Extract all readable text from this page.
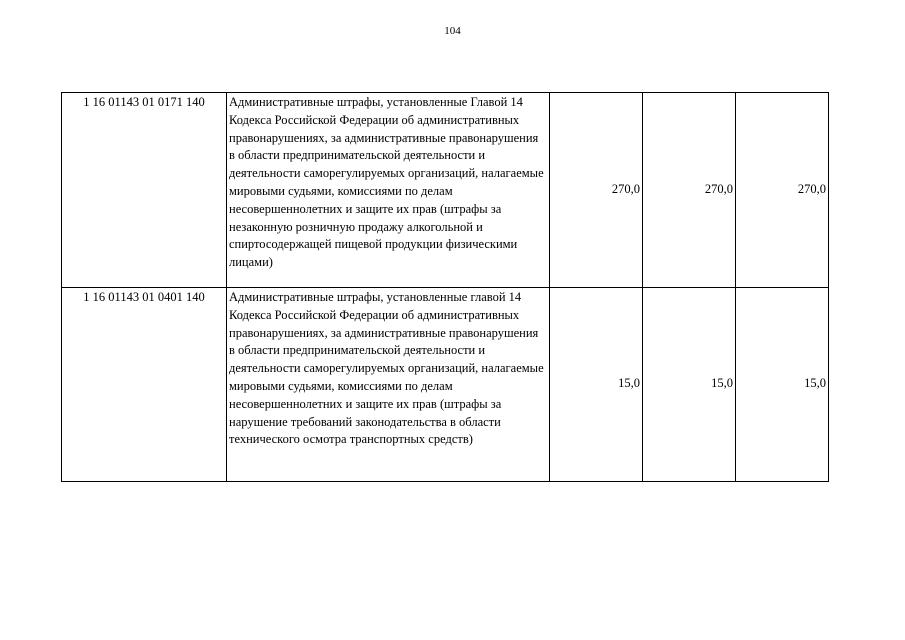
104
1 16 01143 01 0171 140	Административные штрафы, установленные Главой 14 Кодекса Российской Федерации об административных правонарушениях, за административные правонарушения в области предпринимательской деятельности и деятельности саморегулируемых организаций, налагаемые мировыми судьями, комиссиями по делам несовершеннолетних и защите их прав (штрафы за незаконную розничную продажу алкогольной и спиртосодержащей пищевой продукции физическими лицами)	270,0	270,0	270,0
1 16 01143 01 0401 140	Административные штрафы, установленные главой 14 Кодекса Российской Федерации об административных правонарушениях, за административные правонарушения в области предпринимательской деятельности и деятельности саморегулируемых организаций, налагаемые мировыми судьями, комиссиями по делам несовершеннолетних и защите их прав (штрафы за нарушение требований законодательства в области технического осмотра транспортных средств)	15,0	15,0	15,0
